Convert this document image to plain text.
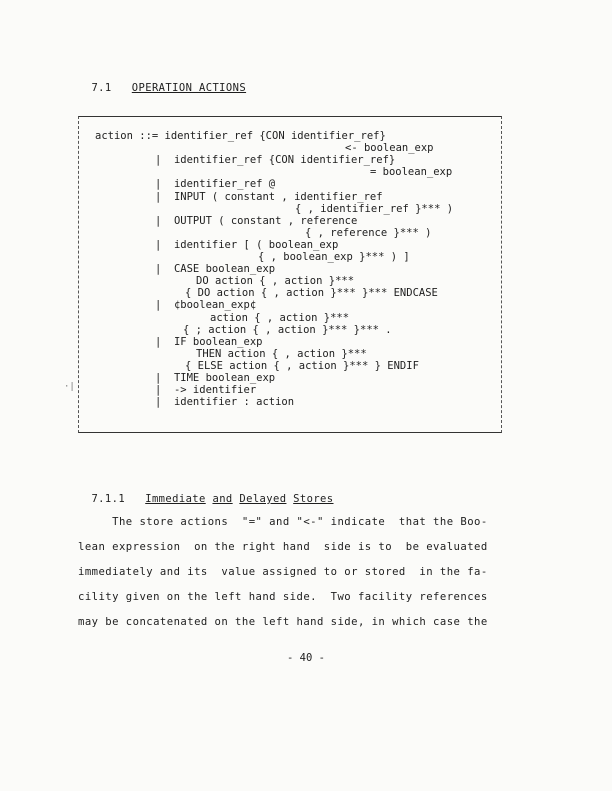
7.1 OPERATION ACTIONS

action ::= identifier_ref {CON identifier_ref}
<- boolean_exp
|  identifier_ref {CON identifier_ref}
= boolean_exp
|  identifier_ref @
|  INPUT ( constant , identifier_ref
{ , identifier_ref }*** )
|  OUTPUT ( constant , reference
{ , reference }*** )
|  identifier [ ( boolean_exp
{ , boolean_exp }*** ) ]
|  CASE boolean_exp
DO action { , action }***
{ DO action { , action }*** }*** ENDCASE
|  ¢boolean_exp¢
action { , action }***
{ ; action { , action }*** }*** .
|  IF boolean_exp
THEN action { , action }***
{ ELSE action { , action }*** } ENDIF
|  TIME boolean_exp
|  -> identifier
|  identifier : action
·|

7.1.1 Immediate and Delayed Stores

The store actions  "=" and "<-" indicate  that the Boo-
lean expression  on the right hand  side is to  be evaluated
immediately and its  value assigned to or stored  in the fa-
cility given on the left hand side.  Two facility references
may be concatenated on the left hand side, in which case the
- 40 -
